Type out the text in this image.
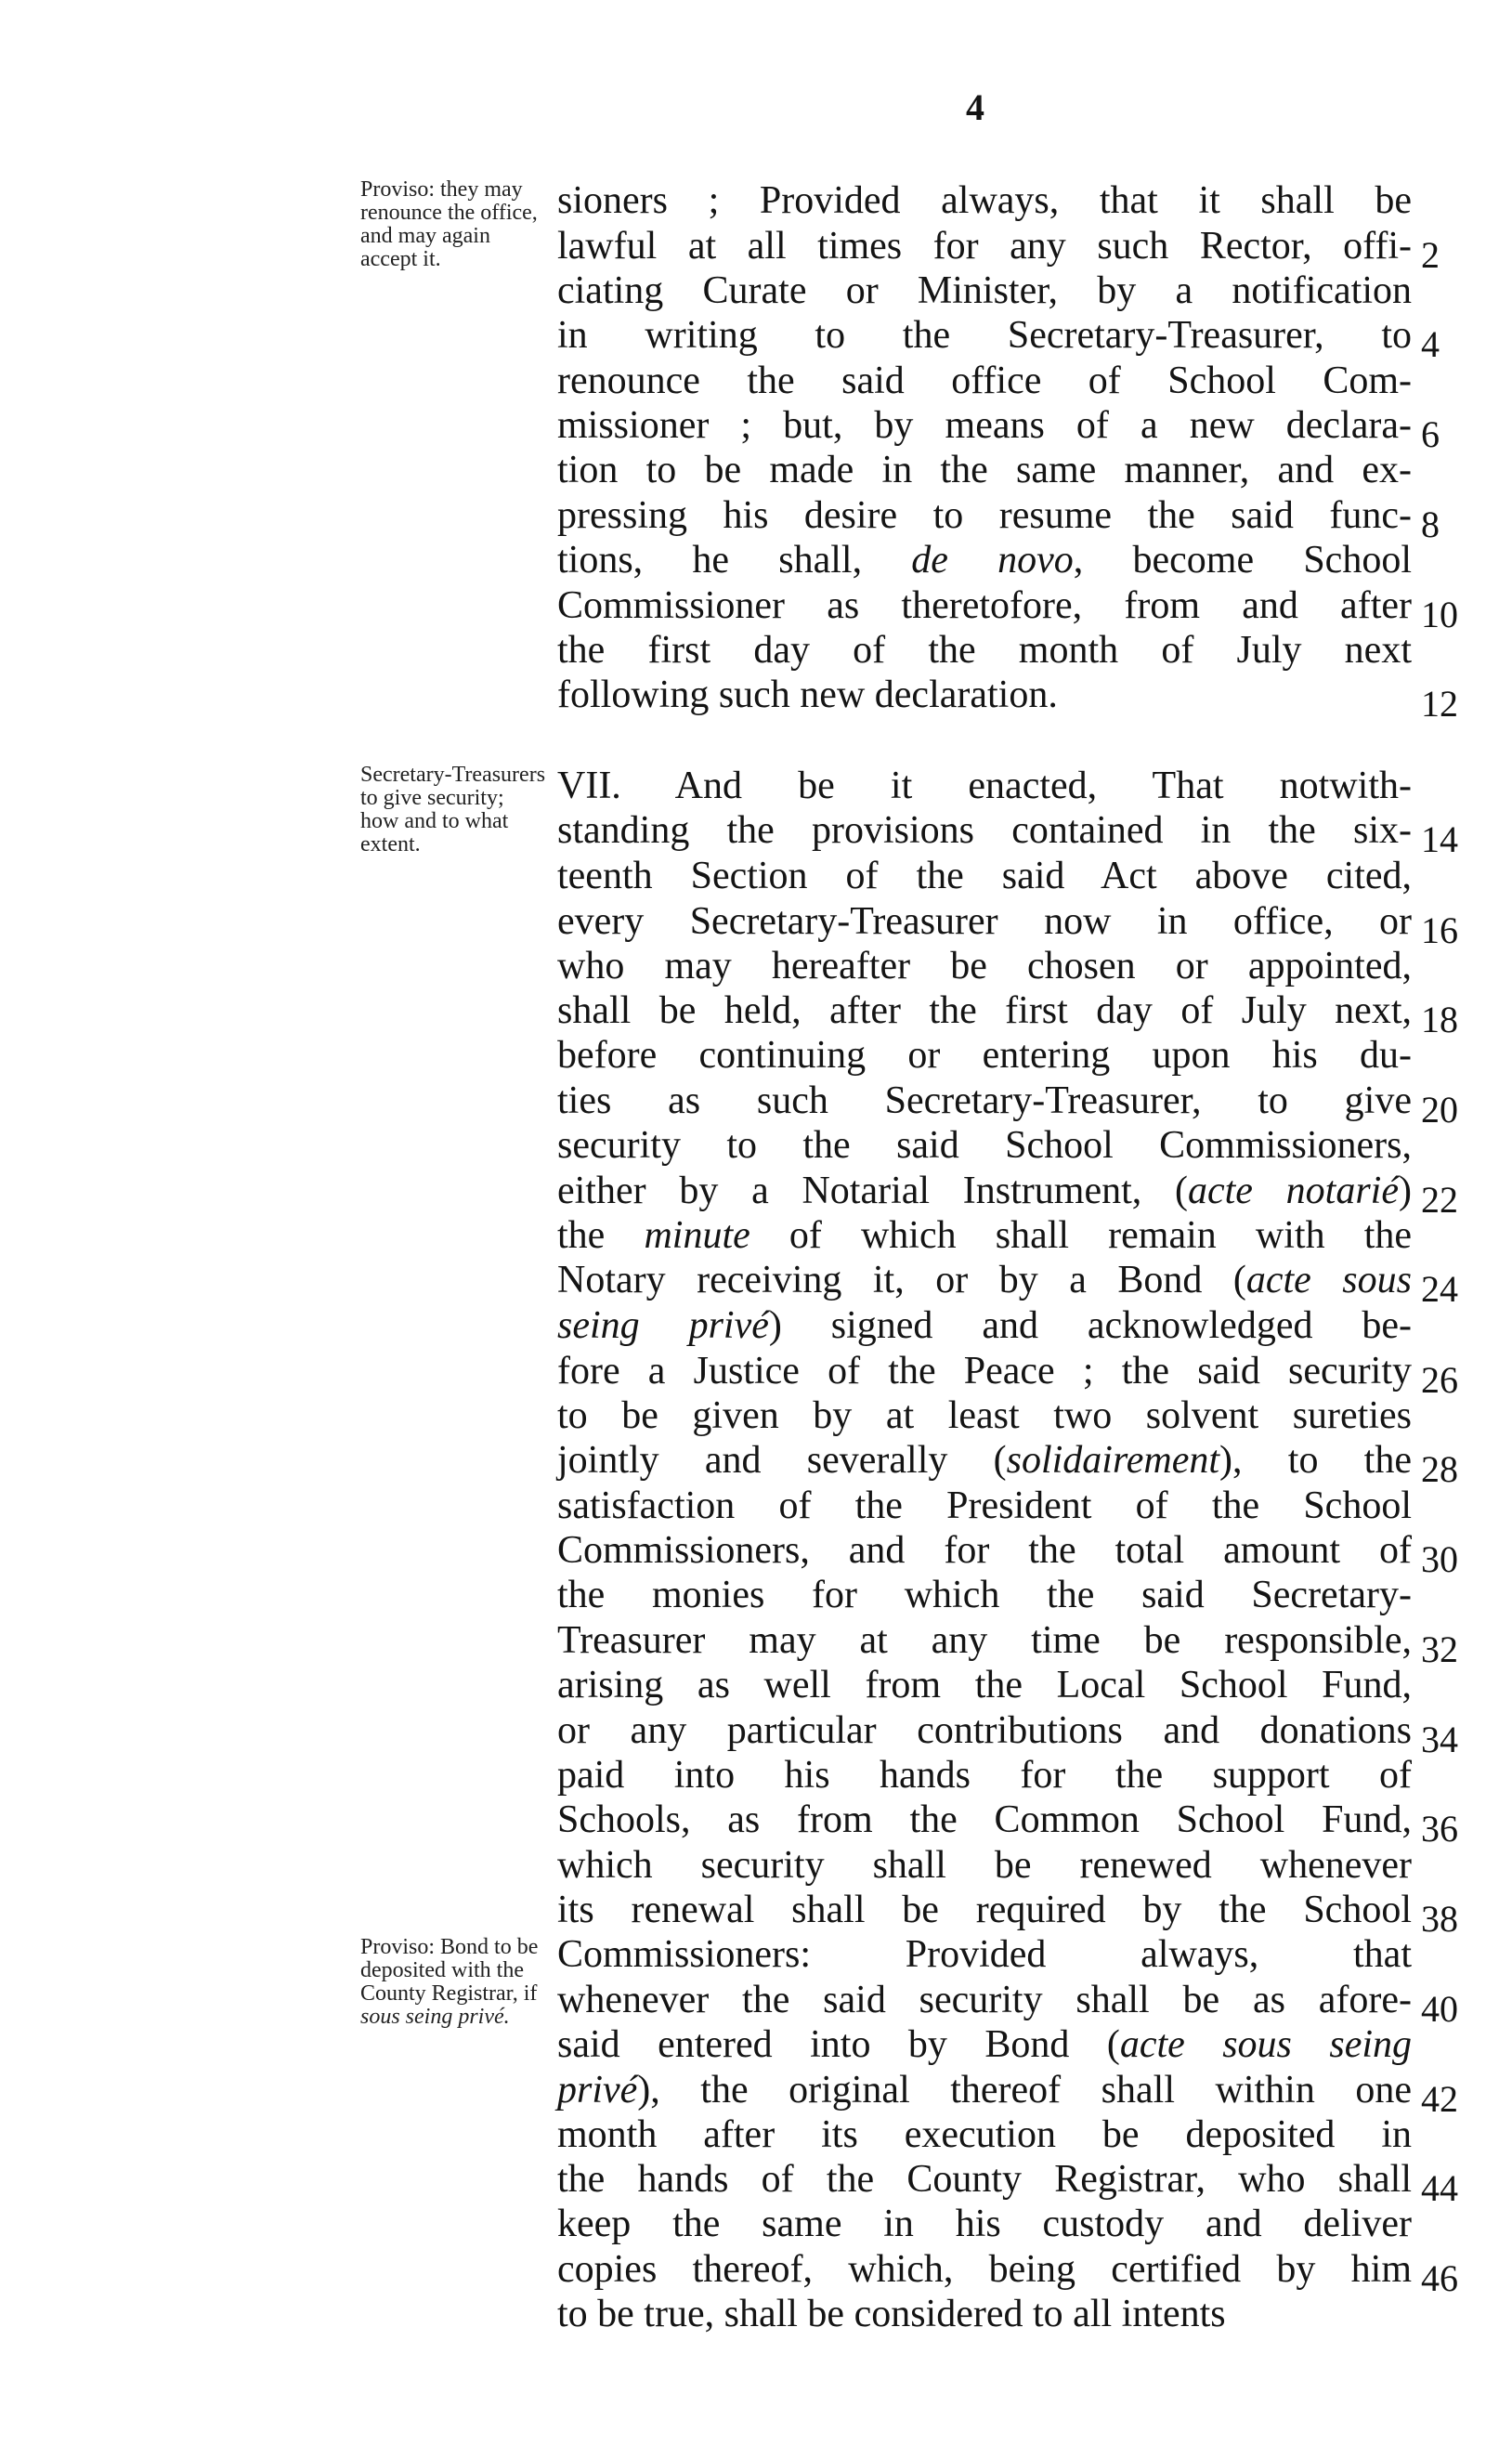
4
Proviso: they may renounce the office, and may again accept it.
Secretary-Treasurers to give security; how and to what extent.
Proviso: Bond to be deposited with the County Registrar, if sous seing privé.
sioners ; Provided always, that it shall be
lawful at all times for any such Rector, offi-
ciating Curate or Minister, by a notification
in writing to the Secretary-Treasurer, to
renounce the said office of School Com-
missioner ; but, by means of a new declara-
tion to be made in the same manner, and ex-
pressing his desire to resume the said func-
tions, he shall, de novo, become School
Commissioner as theretofore, from and after
the first day of the month of July next
following such new declaration.
VII. And be it enacted, That notwith-
standing the provisions contained in the six-
teenth Section of the said Act above cited,
every Secretary-Treasurer now in office, or
who may hereafter be chosen or appointed,
shall be held, after the first day of July next,
before continuing or entering upon his du-
ties as such Secretary-Treasurer, to give
security to the said School Commissioners,
either by a Notarial Instrument, (acte notarié)
the minute of which shall remain with the
Notary receiving it, or by a Bond (acte sous
seing privé) signed and acknowledged be-
fore a Justice of the Peace ; the said security
to be given by at least two solvent sureties
jointly and severally (solidairement), to the
satisfaction of the President of the School
Commissioners, and for the total amount of
the monies for which the said Secretary-
Treasurer may at any time be responsible,
arising as well from the Local School Fund,
or any particular contributions and donations
paid into his hands for the support of
Schools, as from the Common School Fund,
which security shall be renewed whenever
its renewal shall be required by the School
Commissioners: Provided always, that
whenever the said security shall be as afore-
said entered into by Bond (acte sous seing
privé), the original thereof shall within one
month after its execution be deposited in
the hands of the County Registrar, who shall
keep the same in his custody and deliver
copies thereof, which, being certified by him
to be true, shall be considered to all intents
2
4
6
8
10
12
14
16
18
20
22
24
26
28
30
32
34
36
38
40
42
44
46
